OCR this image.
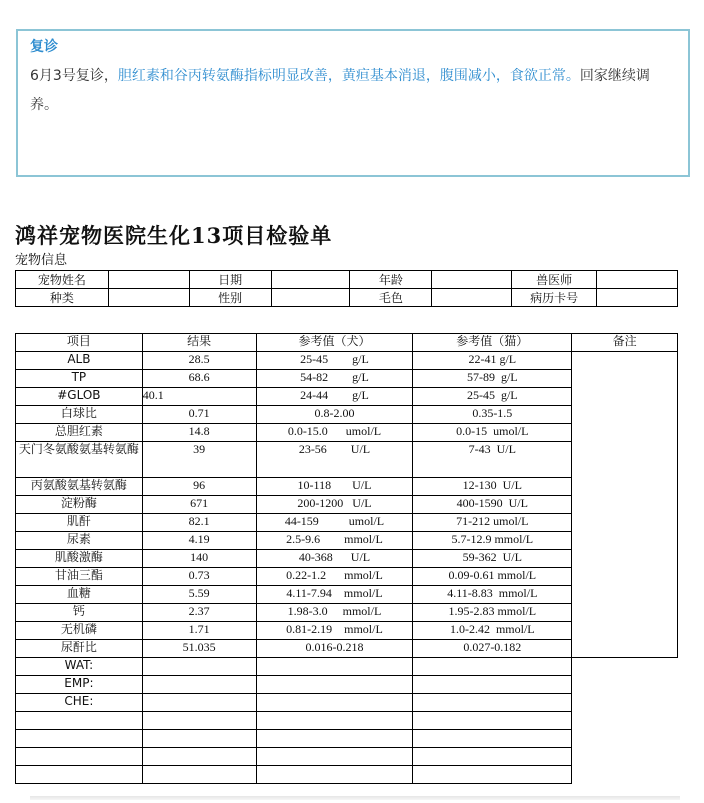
复诊
6月3号复诊，胆红素和谷丙转氨酶指标明显改善，黄疸基本消退，腹围减小，食欲正常。回家继续调养。
鸿祥宠物医院生化13项目检验单
宠物信息
宠物姓名		日期		年龄		兽医师	
种类		性别		毛色		病历卡号	
项目	结果	参考值（犬）	参考值（猫）	备注
ALB	28.5	25-45        g/L	22-41 g/L	
TP	68.6	54-82        g/L	57-89  g/L	
#GLOB	40.1	24-44        g/L	25-45  g/L	
白球比	0.71	0.8-2.00	0.35-1.5	
总胆红素	14.8	0.0-15.0      umol/L	0.0-15  umol/L	
天门冬氨酸氨基转氨酶	39	23-56        U/L	7-43  U/L	
丙氨酸氨基转氨酶	96	10-118       U/L	12-130  U/L	
淀粉酶	671	200-1200   U/L	400-1590  U/L	
肌酐	82.1	44-159          umol/L	71-212 umol/L	
尿素	4.19	2.5-9.6        mmol/L	5.7-12.9 mmol/L	
肌酸激酶	140	40-368      U/L	59-362  U/L	
甘油三酯	0.73	0.22-1.2      mmol/L	0.09-0.61 mmol/L	
血糖	5.59	4.11-7.94    mmol/L	4.11-8.83  mmol/L	
钙	2.37	1.98-3.0     mmol/L	1.95-2.83 mmol/L	
无机磷	1.71	0.81-2.19    mmol/L	1.0-2.42  mmol/L	
尿酐比	51.035	0.016-0.218	0.027-0.182	
WAT:				
EMP:				
CHE:				
